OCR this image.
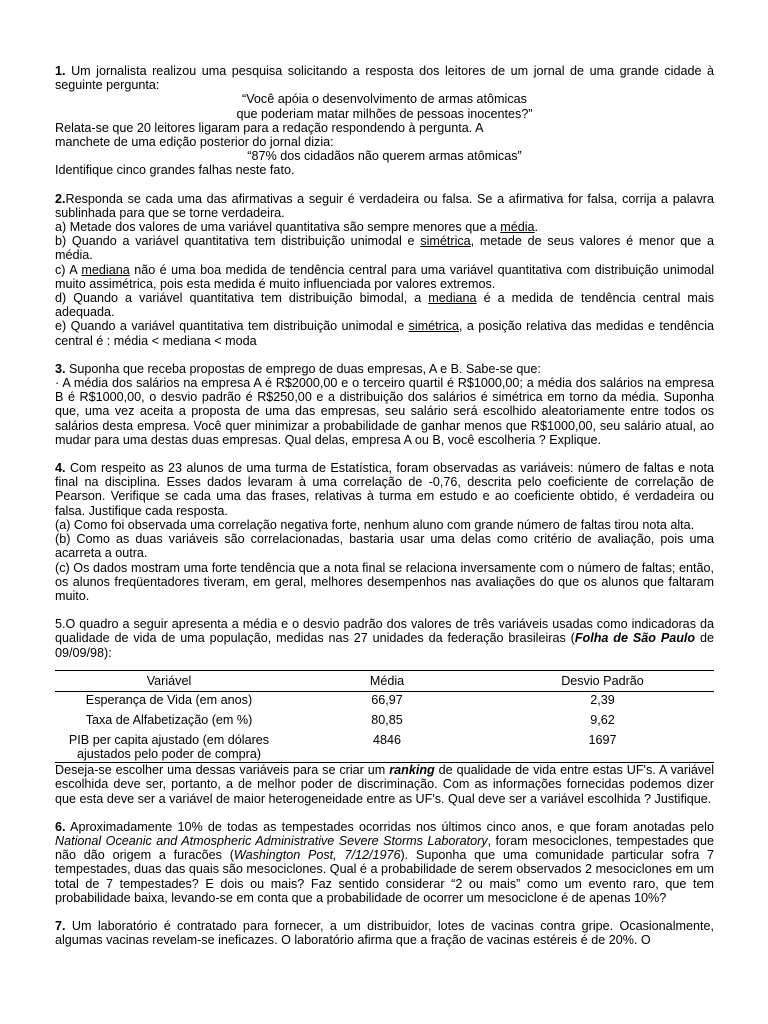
1. Um jornalista realizou uma pesquisa solicitando a resposta dos leitores de um jornal de uma grande cidade à seguinte pergunta:

“Você apóia o desenvolvimento de armas atômicas

que poderiam matar milhões de pessoas inocentes?”

Relata-se que 20 leitores ligaram para a redação respondendo à pergunta. A

manchete de uma edição posterior do jornal dizia:

“87% dos cidadãos não querem armas atômicas”

Identifique cinco grandes falhas neste fato.

2.Responda se cada uma das afirmativas a seguir é verdadeira ou falsa. Se a afirmativa for falsa, corrija a palavra sublinhada para que se torne verdadeira.

a) Metade dos valores de uma variável quantitativa são sempre menores que a média.

b) Quando a variável quantitativa tem distribuição unimodal e simétrica, metade de seus valores é menor que a média.

c) A mediana não é uma boa medida de tendência central para uma variável quantitativa com distribuição unimodal muito assimétrica, pois esta medida é muito influenciada por valores extremos.

d) Quando a variável quantitativa tem distribuição bimodal, a mediana é a medida de tendência central mais adequada.

e) Quando a variável quantitativa tem distribuição unimodal e simétrica, a posição relativa das medidas e tendência central é : média < mediana < moda

3. Suponha que receba propostas de emprego de duas empresas, A e B. Sabe-se que:

· A média dos salários na empresa A é R$2000,00 e o terceiro quartil é R$1000,00; a média dos salários na empresa B é R$1000,00, o desvio padrão é R$250,00 e a distribuição dos salários é simétrica em torno da média. Suponha que, uma vez aceita a proposta de uma das empresas, seu salário será escolhido aleatoriamente entre todos os salários desta empresa. Você quer minimizar a probabilidade de ganhar menos que R$1000,00, seu salário atual, ao mudar para uma destas duas empresas. Qual delas, empresa A ou B, você escolheria ? Explique.

4. Com respeito as 23 alunos de uma turma de Estatística, foram observadas as variáveis: número de faltas e nota final na disciplina. Esses dados levaram à uma correlação de -0,76, descrita pelo coeficiente de correlação de Pearson. Verifique se cada uma das frases, relativas à turma em estudo e ao coeficiente obtido, é verdadeira ou falsa. Justifique cada resposta.

(a) Como foi observada uma correlação negativa forte, nenhum aluno com grande número de faltas tirou nota alta.

(b) Como as duas variáveis são correlacionadas, bastaria usar uma delas como critério de avaliação, pois uma acarreta a outra.

(c) Os dados mostram uma forte tendência que a nota final se relaciona inversamente com o número de faltas; então, os alunos freqüentadores tiveram, em geral, melhores desempenhos nas avaliações do que os alunos que faltaram muito.

5.O quadro a seguir apresenta a média e o desvio padrão dos valores de três variáveis usadas como indicadoras da qualidade de vida de uma população, medidas nas 27 unidades da federação brasileiras (Folha de São Paulo de 09/09/98):

Variável	Média	Desvio Padrão
Esperança de Vida (em anos)	66,97	2,39
Taxa de Alfabetização (em %)	80,85	9,62
PIB per capita ajustado (em dólares ajustados pelo poder de compra)	4846	1697

Deseja-se escolher uma dessas variáveis para se criar um ranking de qualidade de vida entre estas UF's. A variável escolhida deve ser, portanto, a de melhor poder de discriminação. Com as informações fornecidas podemos dizer que esta deve ser a variável de maior heterogeneidade entre as UF's. Qual deve ser a variável escolhida ? Justifique.

6. Aproximadamente 10% de todas as tempestades ocorridas nos últimos cinco anos, e que foram anotadas pelo National Oceanic and Atmospheric Administrative Severe Storms Laboratory, foram mesociclones, tempestades que não dão origem a furacões (Washington Post, 7/12/1976). Suponha que uma comunidade particular sofra 7 tempestades, duas das quais são mesociclones. Qual é a probabilidade de serem observados 2 mesociclones em um total de 7 tempestades? E dois ou mais? Faz sentido considerar “2 ou mais” como um evento raro, que tem probabilidade baixa, levando-se em conta que a probabilidade de ocorrer um mesociclone é de apenas 10%?

7. Um laboratório é contratado para fornecer, a um distribuidor, lotes de vacinas contra gripe. Ocasionalmente, algumas vacinas revelam-se ineficazes. O laboratório afirma que a fração de vacinas estéreis é de 20%. O
